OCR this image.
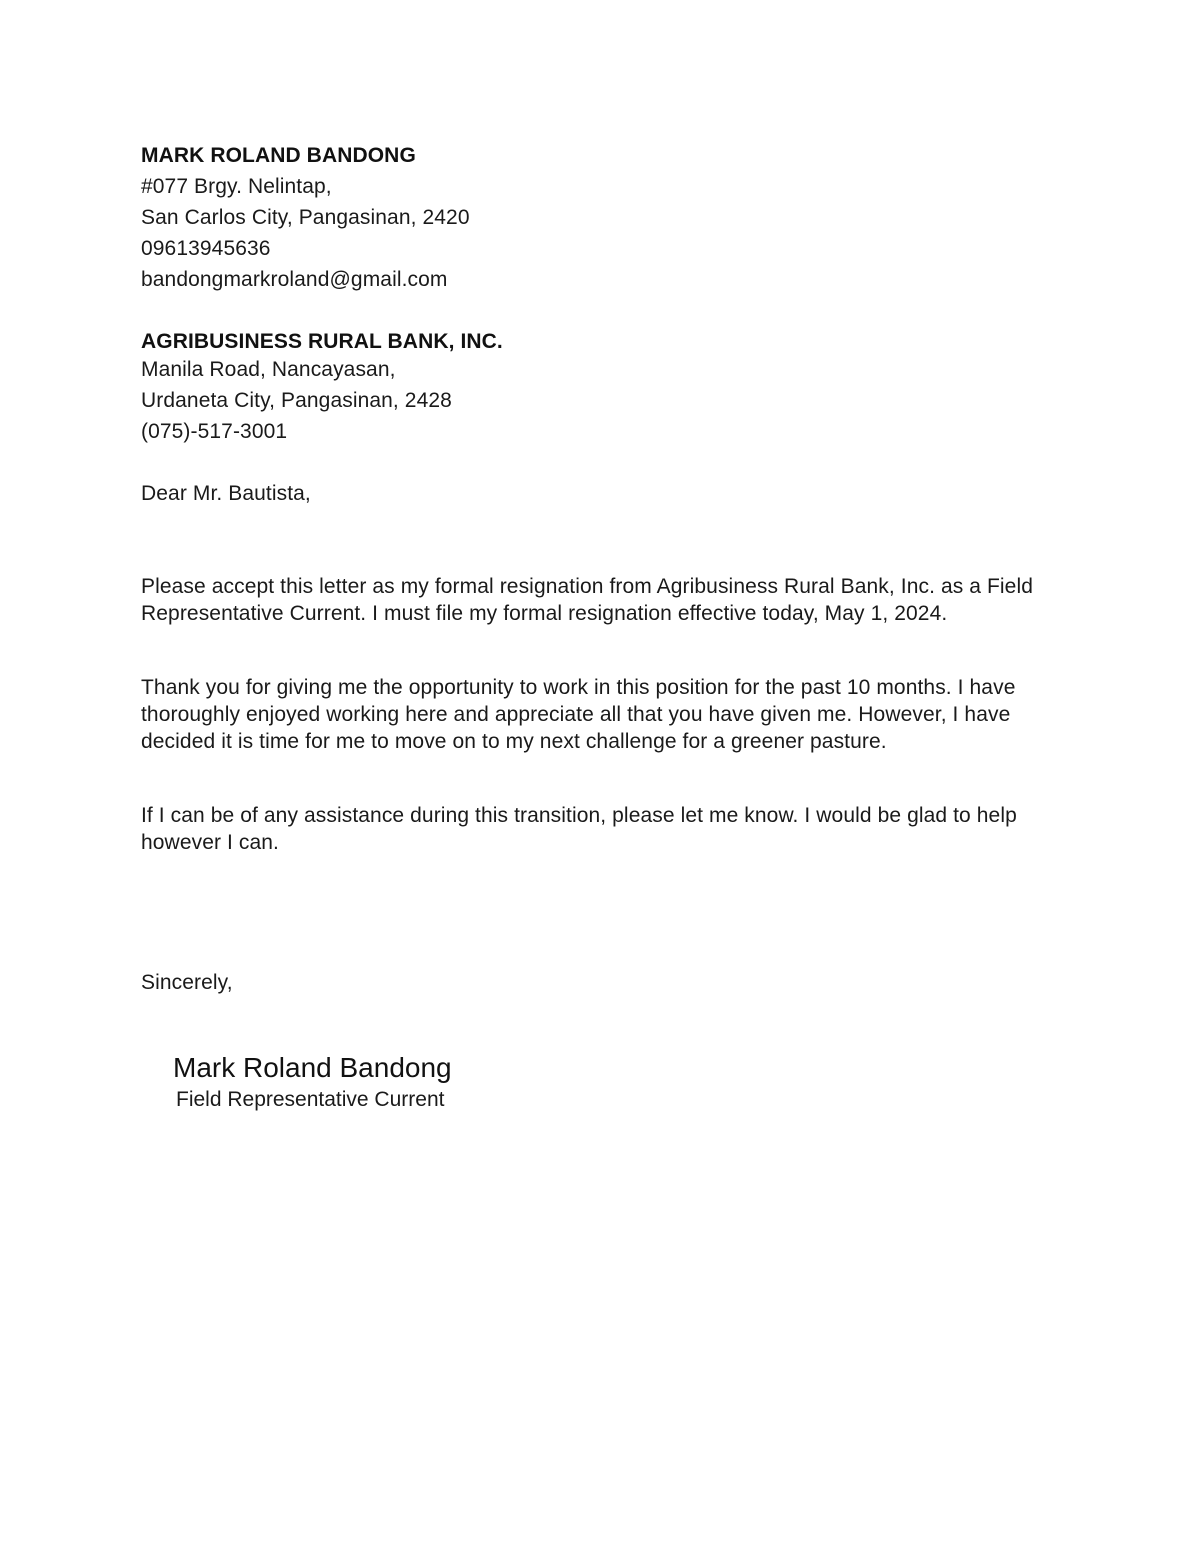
MARK ROLAND BANDONG
#077 Brgy. Nelintap,
San Carlos City, Pangasinan, 2420
09613945636
bandongmarkroland@gmail.com
AGRIBUSINESS RURAL BANK, INC.
Manila Road, Nancayasan,
Urdaneta City, Pangasinan, 2428
(075)-517-3001
Dear Mr. Bautista,

Please accept this letter as my formal resignation from Agribusiness Rural Bank, Inc. as a Field Representative Current. I must file my formal resignation effective today, May 1, 2024.

Thank you for giving me the opportunity to work in this position for the past 10 months. I have thoroughly enjoyed working here and appreciate all that you have given me. However, I have decided it is time for me to move on to my next challenge for a greener pasture.

If I can be of any assistance during this transition, please let me know. I would be glad to help however I can.

Sincerely,
Mark Roland Bandong
Field Representative Current
